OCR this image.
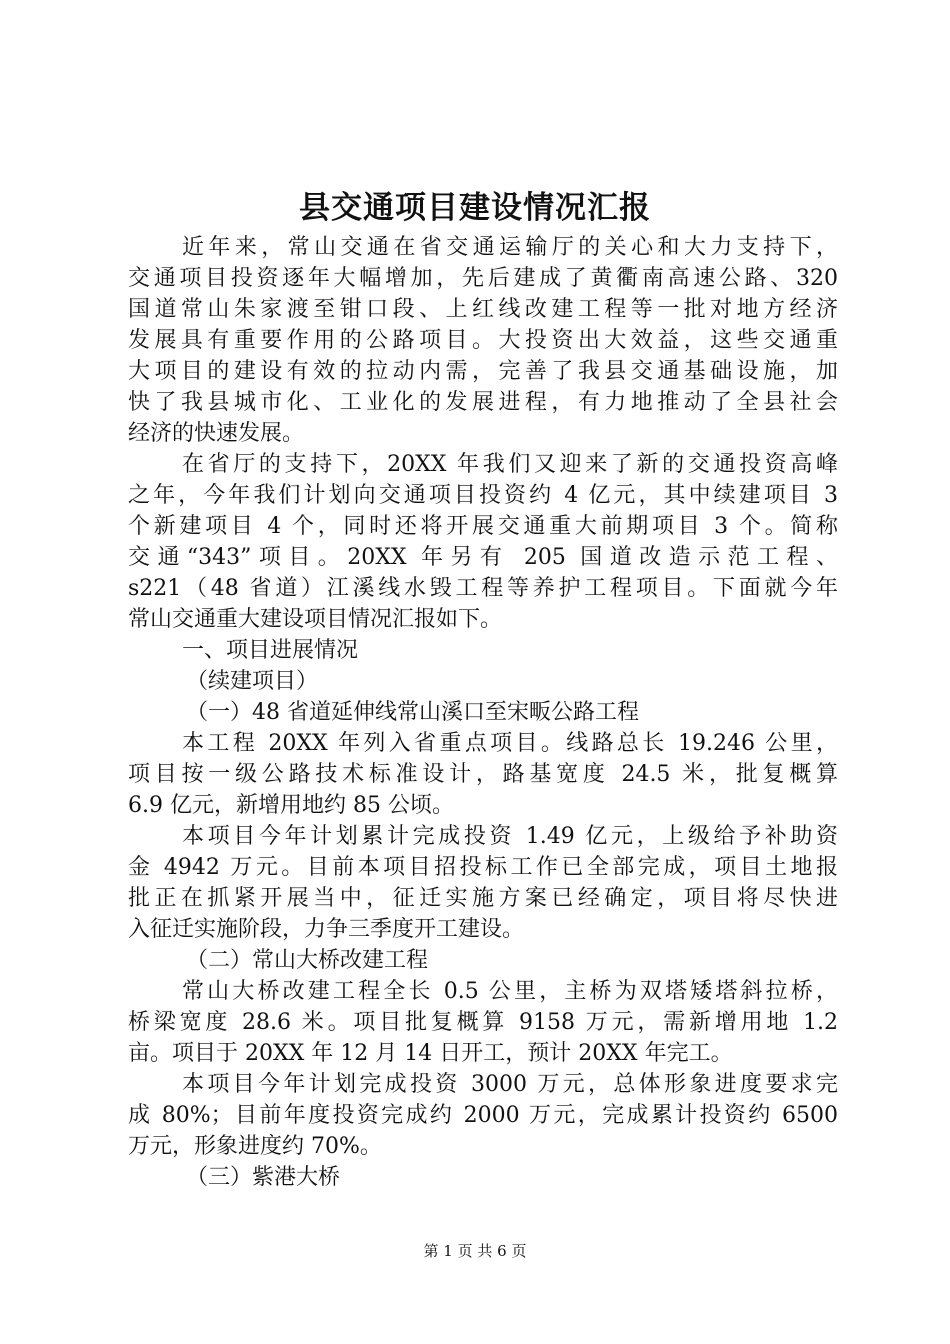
县交通项目建设情况汇报
近年来，常山交通在省交通运输厅的关心和大力支持下，
交通项目投资逐年大幅增加，先后建成了黄衢南高速公路、320
国道常山朱家渡至钳口段、上红线改建工程等一批对地方经济
发展具有重要作用的公路项目。大投资出大效益，这些交通重
大项目的建设有效的拉动内需，完善了我县交通基础设施，加
快了我县城市化、工业化的发展进程，有力地推动了全县社会
经济的快速发展。
在省厅的支持下，20XX 年我们又迎来了新的交通投资高峰
之年，今年我们计划向交通项目投资约 4 亿元，其中续建项目 3
个新建项目 4 个，同时还将开展交通重大前期项目 3 个。简称
交通“343”项目。20XX 年另有 205 国道改造示范工程、
s221（48 省道）江溪线水毁工程等养护工程项目。下面就今年
常山交通重大建设项目情况汇报如下。
一、项目进展情况
（续建项目）
（一）48 省道延伸线常山溪口至宋畈公路工程
本工程 20XX 年列入省重点项目。线路总长 19.246 公里，
项目按一级公路技术标准设计，路基宽度 24.5 米，批复概算
6.9 亿元，新增用地约 85 公顷。
本项目今年计划累计完成投资 1.49 亿元，上级给予补助资
金 4942 万元。目前本项目招投标工作已全部完成，项目土地报
批正在抓紧开展当中，征迁实施方案已经确定，项目将尽快进
入征迁实施阶段，力争三季度开工建设。
（二）常山大桥改建工程
常山大桥改建工程全长 0.5 公里，主桥为双塔矮塔斜拉桥，
桥梁宽度 28.6 米。项目批复概算 9158 万元，需新增用地 1.2
亩。项目于 20XX 年 12 月 14 日开工，预计 20XX 年完工。
本项目今年计划完成投资 3000 万元，总体形象进度要求完
成 80%；目前年度投资完成约 2000 万元，完成累计投资约 6500
万元，形象进度约 70%。
（三）紫港大桥
第 1 页 共 6 页
